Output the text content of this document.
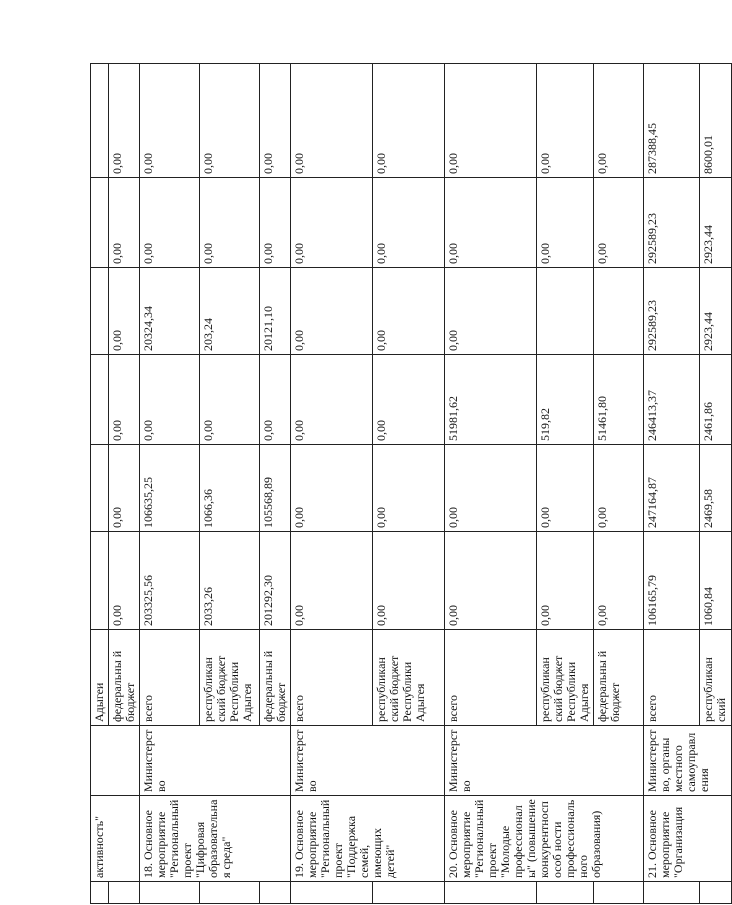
	активность"		Адыгеи						
			федеральны й бюджет	0,00	0,00	0,00	0,00	0,00	0,00
	18. Основное мероприятие "Региональный проект "Цифровая образовательная среда"	Министерство	всего	203325,56	106635,25	0,00	20324,34	0,00	0,00
			республикан ский бюджет Республики Адыгея	2033,26	1066,36	0,00	203,24	0,00	0,00
			федеральны й бюджет	201292,30	105568,89	0,00	20121,10	0,00	0,00
	19. Основное мероприятие "Региональный проект "Поддержка семей, имеющих детей"	Министерство	всего	0,00	0,00	0,00	0,00	0,00	0,00
			республикан ский бюджет Республики Адыгея	0,00	0,00	0,00	0,00	0,00	0,00
	20. Основное мероприятие "Региональный проект "Молодые профессионалы" (повышение конкурентноспособ ности профессионального образования)	Министерство	всего	0,00	0,00	51981,62	0,00	0,00	0,00
			республикан ский бюджет Республики Адыгея	0,00	0,00	519,82		0,00	0,00
			федеральны й бюджет	0,00	0,00	51461,80		0,00	0,00
	21. Основное мероприятие "Организация	Министерство, органы местного самоуправления	всего	106165,79	247164,87	246413,37	292589,23	292589,23	287388,45
			республикан ский	1060,84	2469,58	2461,86	2923,44	2923,44	8600,01
